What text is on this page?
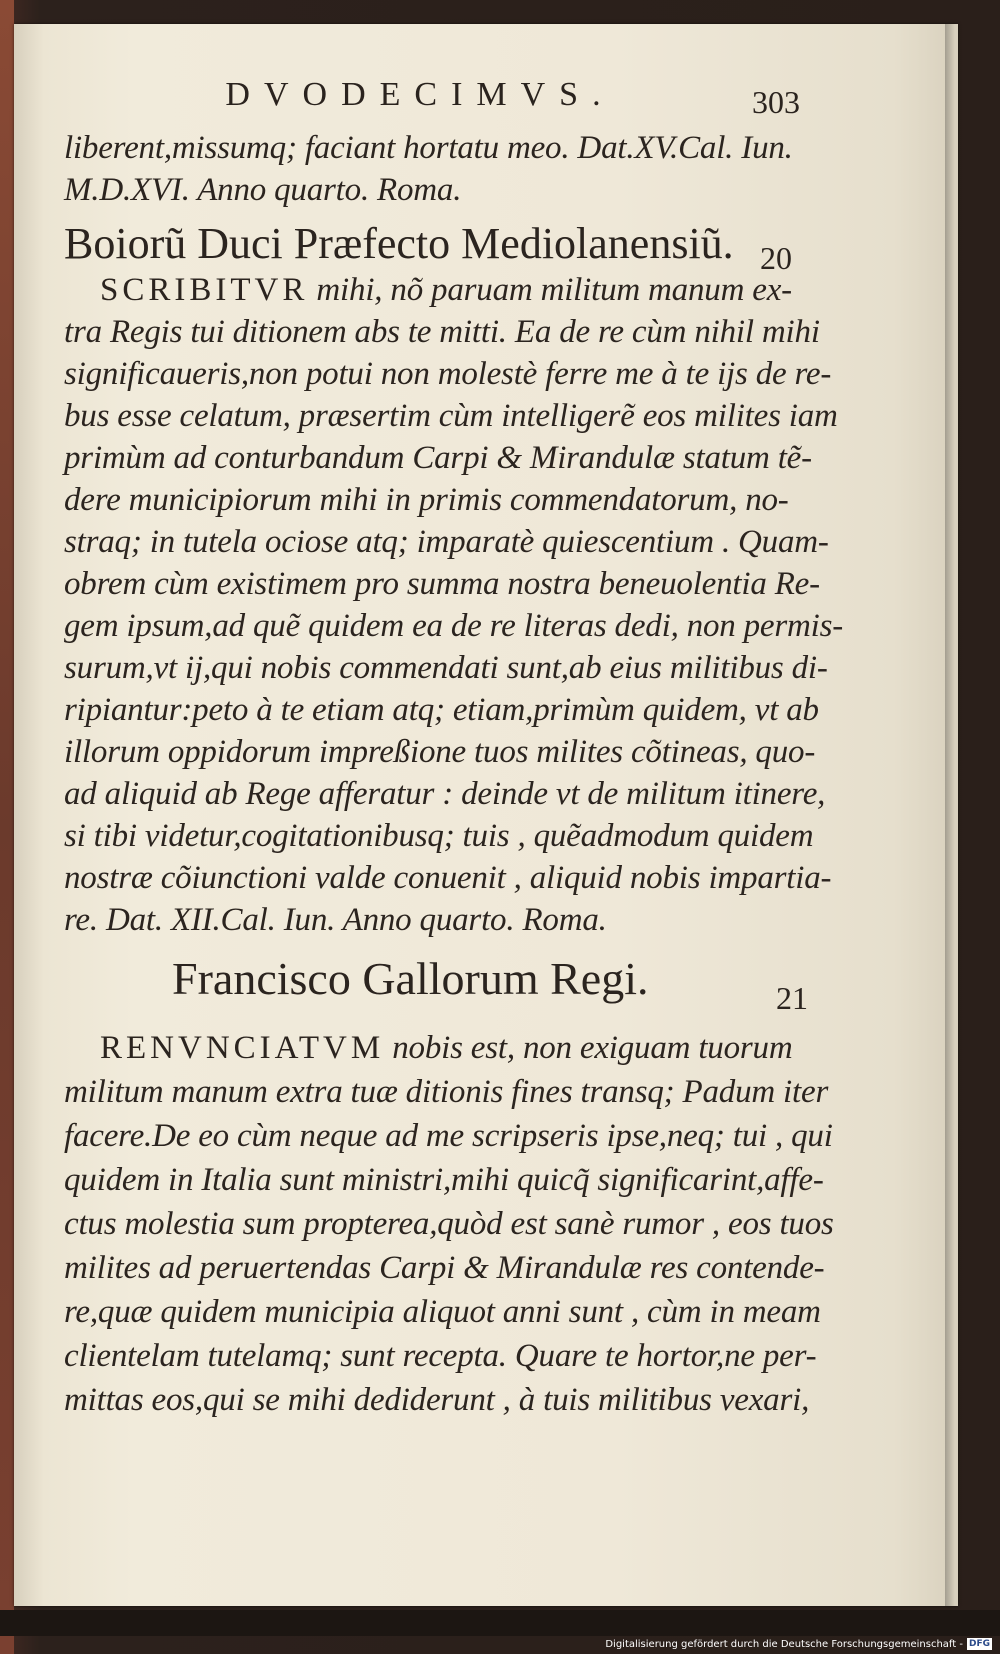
DVODECIMVS.	303
liberent,missumq; faciant hortatu meo. Dat.XV.Cal. Iun.
M.D.XVI. Anno quarto. Roma.
Boiorũ Duci Præfecto Mediolanensiũ. 20
SCRIBITVR mihi, nõ paruam militum manum ex-
tra Regis tui ditionem abs te mitti. Ea de re cùm nihil mihi
significaueris,non potui non molestè ferre me à te ijs de re-
bus esse celatum, præsertim cùm intelligerẽ eos milites iam
primùm ad conturbandum Carpi & Mirandulæ statum tẽ-
dere municipiorum mihi in primis commendatorum, no-
straq; in tutela ociose atq; imparatè quiescentium . Quam-
obrem cùm existimem pro summa nostra beneuolentia Re-
gem ipsum,ad quẽ quidem ea de re literas dedi, non permis-
surum,vt ij,qui nobis commendati sunt,ab eius militibus di-
ripiantur:peto à te etiam atq; etiam,primùm quidem, vt ab
illorum oppidorum impreßione tuos milites cõtineas, quo-
ad aliquid ab Rege afferatur : deinde vt de militum itinere,
si tibi videtur,cogitationibusq; tuis , quẽadmodum quidem
nostræ cõiunctioni valde conuenit , aliquid nobis impartia-
re. Dat. XII.Cal. Iun. Anno quarto. Roma.
Francisco Gallorum Regi.	21
RENVNCIATVM nobis est, non exiguam tuorum
militum manum extra tuæ ditionis fines transq; Padum iter
facere.De eo cùm neque ad me scripseris ipse,neq; tui , qui
quidem in Italia sunt ministri,mihi quicq̃ significarint,affe-
ctus molestia sum propterea,quòd est sanè rumor , eos tuos
milites ad peruertendas Carpi & Mirandulæ res contende-
re,quæ quidem municipia aliquot anni sunt , cùm in meam
clientelam tutelamq; sunt recepta. Quare te hortor,ne per-
mittas eos,qui se mihi dediderunt , à tuis militibus vexari,
Digitalisierung gefördert durch die Deutsche Forschungsgemeinschaft - DFG
